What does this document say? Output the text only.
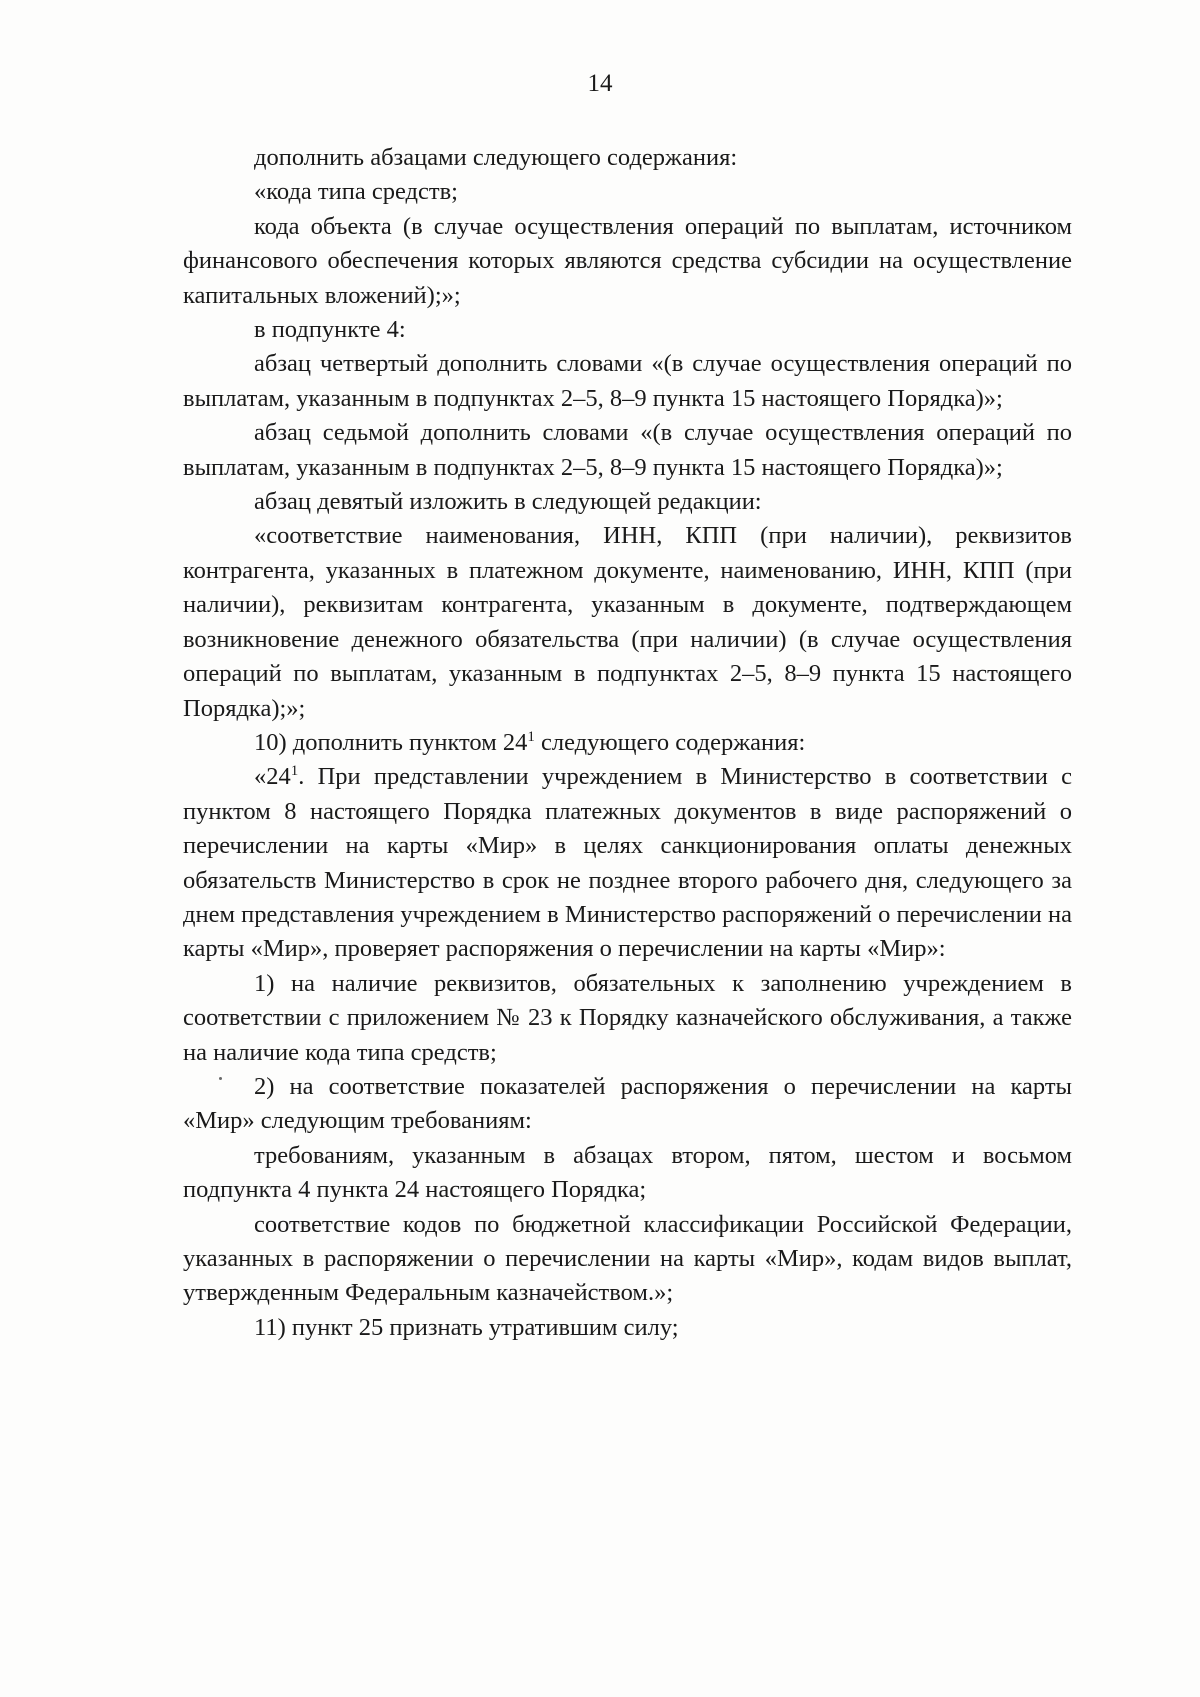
14

дополнить абзацами следующего содержания:

«кода типа средств;

кода объекта (в случае осуществления операций по выплатам, источником финансового обеспечения которых являются средства субсидии на осуществление капитальных вложений);»;

в подпункте 4:

абзац четвертый дополнить словами «(в случае осуществления операций по выплатам, указанным в подпунктах 2–5, 8–9 пункта 15 настоящего Порядка)»;

абзац седьмой дополнить словами «(в случае осуществления операций по выплатам, указанным в подпунктах 2–5, 8–9 пункта 15 настоящего Порядка)»;

абзац девятый изложить в следующей редакции:

«соответствие наименования, ИНН, КПП (при наличии), реквизитов контрагента, указанных в платежном документе, наименованию, ИНН, КПП (при наличии), реквизитам контрагента, указанным в документе, подтверждающем возникновение денежного обязательства (при наличии) (в случае осуществления операций по выплатам, указанным в подпунктах 2–5, 8–9 пункта 15 настоящего Порядка);»;

10) дополнить пунктом $24^1$ следующего содержания:

«$24^1$. При представлении учреждением в Министерство в соответствии с пунктом 8 настоящего Порядка платежных документов в виде распоряжений о перечислении на карты «Мир» в целях санкционирования оплаты денежных обязательств Министерство в срок не позднее второго рабочего дня, следующего за днем представления учреждением в Министерство распоряжений о перечислении на карты «Мир», проверяет распоряжения о перечислении на карты «Мир»:

1) на наличие реквизитов, обязательных к заполнению учреждением в соответствии с приложением № 23 к Порядку казначейского обслуживания, а также на наличие кода типа средств;

2) на соответствие показателей распоряжения о перечислении на карты «Мир» следующим требованиям:

требованиям, указанным в абзацах втором, пятом, шестом и восьмом подпункта 4 пункта 24 настоящего Порядка;

соответствие кодов по бюджетной классификации Российской Федерации, указанных в распоряжении о перечислении на карты «Мир», кодам видов выплат, утвержденным Федеральным казначейством.»;

11) пункт 25 признать утратившим силу;
